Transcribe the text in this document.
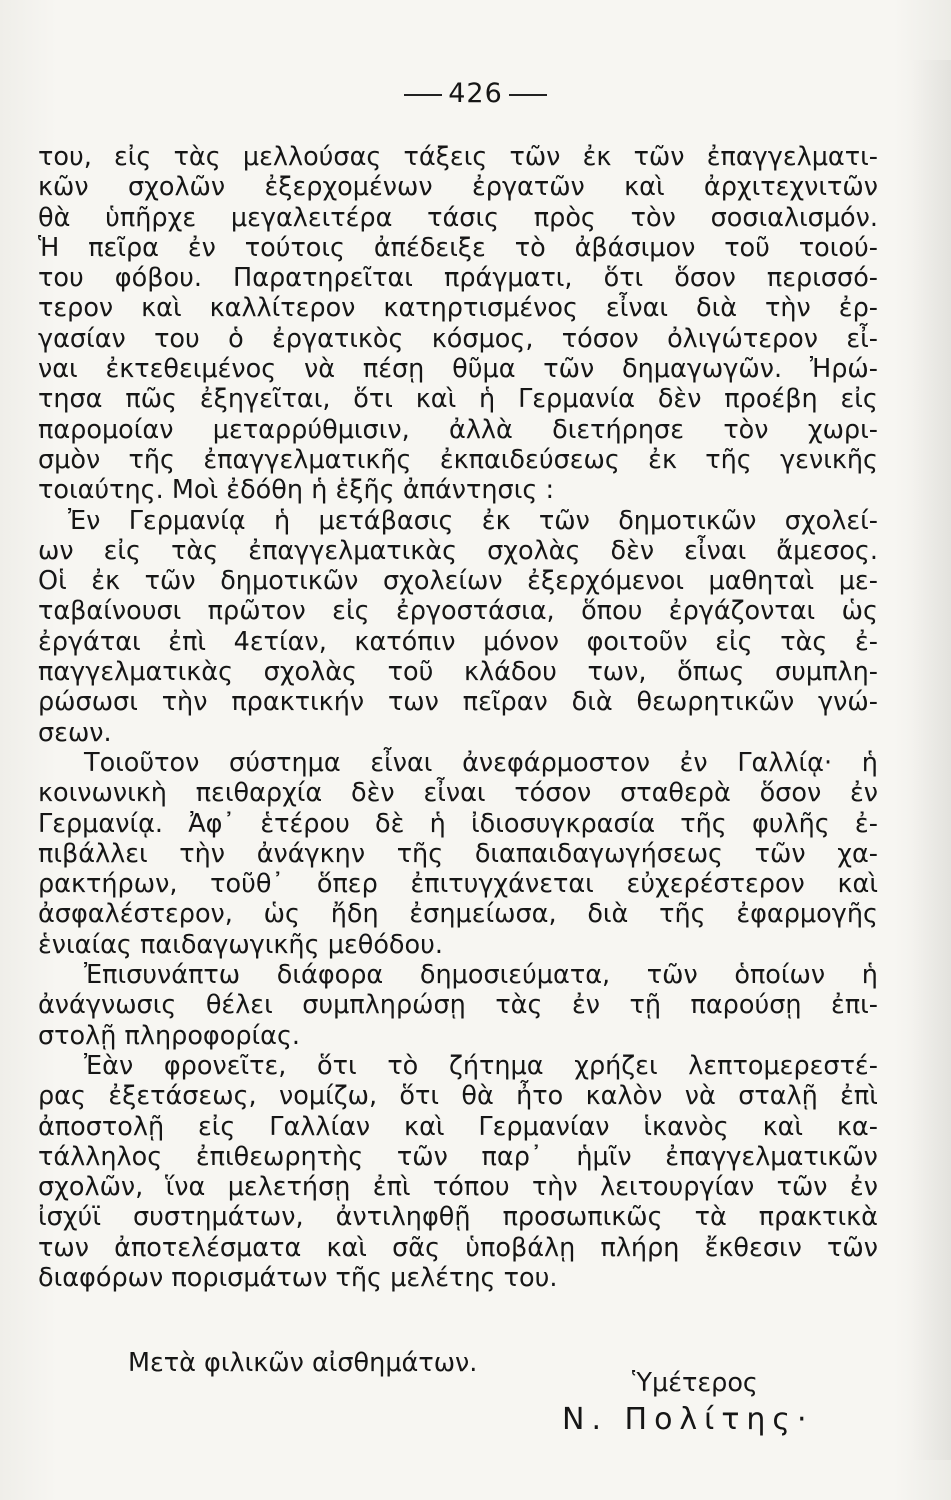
426
τoυ, εἰς τὰς μελλούσας τάξεις τῶν ἐκ τῶν ἐπαγγελματι-
κῶν σχολῶν ἐξερχομένων ἐργατῶν καὶ ἀρχιτεχνιτῶν
θὰ ὑπῆρχε μεγαλειτέρα τάσις πρὸς τὸν σοσιαλισμόν.
Ἡ πεῖρα ἐν τούτοις ἀπέδειξε τὸ ἀβάσιμον τοῦ τοιού-
του φόβου. Παρατηρεῖται πράγματι, ὅτι ὅσον περισσό-
τερον καὶ καλλίτερον κατηρτισμένος εἶναι διὰ τὴν ἐρ-
γασίαν του ὁ ἐργατικὸς κόσμος, τόσον ὀλιγώτερον εἶ-
ναι ἐκτεθειμένος νὰ πέσῃ θῦμα τῶν δημαγωγῶν. Ἠρώ-
τησα πῶς ἐξηγεῖται, ὅτι καὶ ἡ Γερμανία δὲν προέβη εἰς
παρομοίαν μεταρρύθμισιν, ἀλλὰ διετήρησε τὸν χωρι-
σμὸν τῆς ἐπαγγελματικῆς ἐκπαιδεύσεως ἐκ τῆς γενικῆς
τοιαύτης. Μοὶ ἐδόθη ἡ ἑξῆς ἀπάντησις :
Ἐν Γερμανίᾳ ἡ μετάβασις ἐκ τῶν δημοτικῶν σχολεί-
ων εἰς τὰς ἐπαγγελματικὰς σχολὰς δὲν εἶναι ἄμεσος.
Οἱ ἐκ τῶν δημοτικῶν σχολείων ἐξερχόμενοι μαθηταὶ με-
ταβαίνουσι πρῶτον εἰς ἐργοστάσια, ὅπου ἐργάζονται ὡς
ἐργάται ἐπὶ 4ετίαν, κατόπιν μόνον φοιτοῦν εἰς τὰς ἐ-
παγγελματικὰς σχολὰς τοῦ κλάδου των, ὅπως συμπλη-
ρώσωσι τὴν πρακτικήν των πεῖραν διὰ θεωρητικῶν γνώ-
σεων.
Τοιοῦτον σύστημα εἶναι ἀνεφάρμοστον ἐν Γαλλίᾳ· ἡ
κοινωνικὴ πειθαρχία δὲν εἶναι τόσον σταθερὰ ὅσον ἐν
Γερμανίᾳ. Ἀφ᾽ ἑτέρου δὲ ἡ ἰδιοσυγκρασία τῆς φυλῆς ἐ-
πιβάλλει τὴν ἀνάγκην τῆς διαπαιδαγωγήσεως τῶν χα-
ρακτήρων, τοῦθ᾽ ὅπερ ἐπιτυγχάνεται εὐχερέστερον καὶ
ἀσφαλέστερον, ὡς ἤδη ἐσημείωσα, διὰ τῆς ἐφαρμογῆς
ἑνιαίας παιδαγωγικῆς μεθόδου.
Ἐπισυνάπτω διάφορα δημοσιεύματα, τῶν ὁποίων ἡ
ἀνάγνωσις θέλει συμπληρώσῃ τὰς ἐν τῇ παρούσῃ ἐπι-
στολῇ πληροφορίας.
Ἐὰν φρονεῖτε, ὅτι τὸ ζήτημα χρήζει λεπτομερεστέ-
ρας ἐξετάσεως, νομίζω, ὅτι θὰ ἦτο καλὸν νὰ σταλῇ ἐπὶ
ἀποστολῇ εἰς Γαλλίαν καὶ Γερμανίαν ἱκανὸς καὶ κα-
τάλληλος ἐπιθεωρητὴς τῶν παρ᾽ ἡμῖν ἐπαγγελματικῶν
σχολῶν, ἵνα μελετήσῃ ἐπὶ τόπου τὴν λειτουργίαν τῶν ἐν
ἰσχύϊ συστημάτων, ἀντιληφθῇ προσωπικῶς τὰ πρακτικὰ
των ἀποτελέσματα καὶ σᾶς ὑποβάλῃ πλήρη ἔκθεσιν τῶν
διαφόρων πορισμάτων τῆς μελέτης του.
Μετὰ φιλικῶν αἰσθημάτων.
Ὑμέτερος
Ν. Πολίτης·
